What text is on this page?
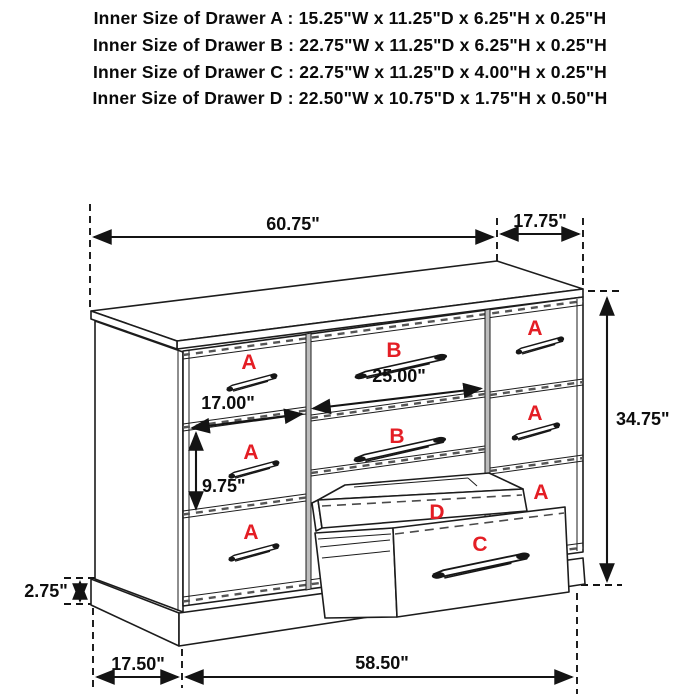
Inner Size of Drawer A : 15.25"W x 11.25"D x 6.25"H x 0.25"H
Inner Size of Drawer B : 22.75"W x 11.25"D x 6.25"H x 0.25"H
Inner Size of Drawer C : 22.75"W x 11.25"D x 4.00"H x 0.25"H
Inner Size of Drawer D : 22.50"W x 10.75"D x 1.75"H x 0.50"H
A
A
A
B
B
A
A
A
17.00"
25.00"
9.75"
D
C
60.75"	17.75"
34.75"
2.75"
17.50"	58.50"
